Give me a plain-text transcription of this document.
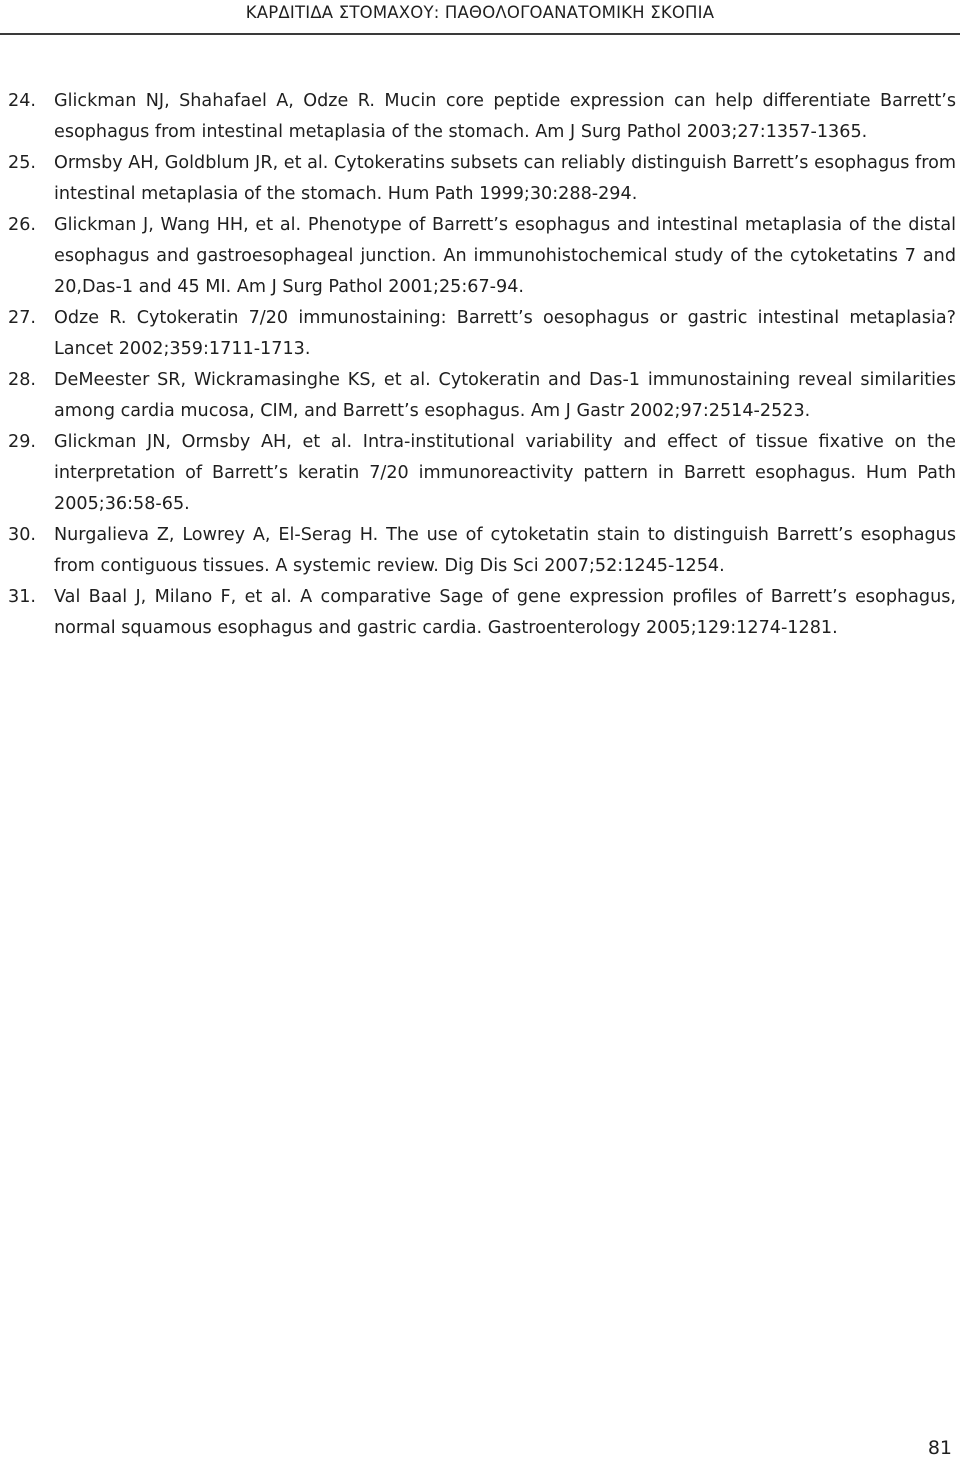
ΚΑΡΔΙΤΙΔΑ ΣΤΟΜΑΧΟΥ: ΠΑΘΟΛΟΓΟΑΝΑΤΟΜΙΚΗ ΣΚΟΠΙΑ
24. Glickman NJ, Shahafael A, Odze R. Mucin core peptide expression can help differentiate Barrett’s esophagus from intestinal metaplasia of the stomach. Am J Surg Pathol 2003;27:1357-1365.
25. Ormsby AH, Goldblum JR, et al. Cytokeratins subsets can reliably distinguish Barrett’s esophagus from intestinal metaplasia of the stomach. Hum Path 1999;30:288-294.
26. Glickman J, Wang HH, et al. Phenotype of Barrett’s esophagus and intestinal metaplasia of the distal esophagus and gastroesophageal junction. An immunohistochemical study of the cytoketatins 7 and 20,Das-1 and 45 MI. Am J Surg Pathol 2001;25:67-94.
27. Odze R. Cytokeratin 7/20 immunostaining: Barrett’s oesophagus or gastric intestinal metaplasia? Lancet 2002;359:1711-1713.
28. DeMeester SR, Wickramasinghe KS, et al. Cytokeratin and Das-1 immunostaining reveal similarities among cardia mucosa, CIM, and Barrett’s esophagus. Am J Gastr 2002;97:2514-2523.
29. Glickman JN, Ormsby AH, et al. Intra-institutional variability and effect of tissue fixative on the interpretation of Barrett’s keratin 7/20 immunoreactivity pattern in Barrett esophagus. Hum Path 2005;36:58-65.
30. Nurgalieva Z, Lowrey A, El-Serag H. The use of cytoketatin stain to distinguish Barrett’s esophagus from contiguous tissues. A systemic review. Dig Dis Sci 2007;52:1245-1254.
31. Val Baal J, Milano F, et al. A comparative Sage of gene expression profiles of Barrett’s esophagus, normal squamous esophagus and gastric cardia. Gastroenterology 2005;129:1274-1281.
81
